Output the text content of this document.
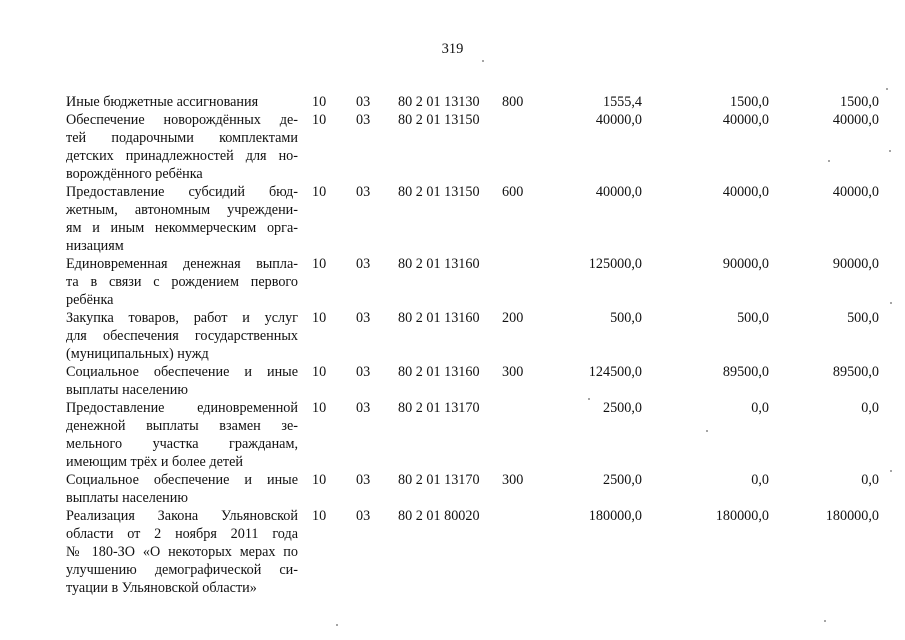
319
Иные бюджетные ассигнования	10	03	80 2 01 13130	800	1555,4	1500,0	1500,0

Обеспечение новорождённых де-
тей подарочными комплектами
детских принадлежностей для но-
ворождённого ребёнка	10	03	80 2 01 13150		40000,0	40000,0	40000,0

Предоставление субсидий бюд-
жетным, автономным учреждени-
ям и иным некоммерческим орга-
низациям	10	03	80 2 01 13150	600	40000,0	40000,0	40000,0

Единовременная денежная выпла-
та в связи с рождением первого
ребёнка	10	03	80 2 01 13160		125000,0	90000,0	90000,0

Закупка товаров, работ и услуг
для обеспечения государственных
(муниципальных) нужд	10	03	80 2 01 13160	200	500,0	500,0	500,0

Социальное обеспечение и иные
выплаты населению	10	03	80 2 01 13160	300	124500,0	89500,0	89500,0

Предоставление единовременной
денежной выплаты взамен зе-
мельного участка гражданам,
имеющим трёх и более детей	10	03	80 2 01 13170		2500,0	0,0	0,0

Социальное обеспечение и иные
выплаты населению	10	03	80 2 01 13170	300	2500,0	0,0	0,0

Реализация Закона Ульяновской
области от 2 ноября 2011 года
№ 180-ЗО «О некоторых мерах по
улучшению демографической си-
туации в Ульяновской области»	10	03	80 2 01 80020		180000,0	180000,0	180000,0
